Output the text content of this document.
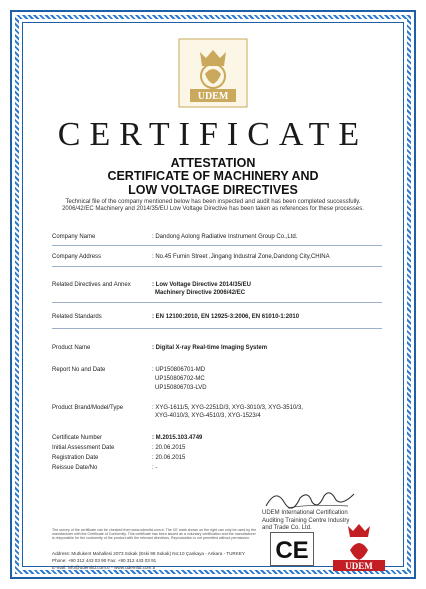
UDEM
CERTIFICATE
ATTESTATION
CERTIFICATE OF MACHINERY AND
LOW VOLTAGE DIRECTIVES
Technical file of the company mentioned below has been inspected and audit has been completed successfully. 2006/42/EC Machinery and 2014/35/EU Low Voltage Directive has been taken as references for these processes.
Company Name	: Dandong Aolong Radiative Instrument Group Co.,Ltd.
Company Address	: No.45 Fumin Street ,Jingang Industral Zone,Dandong City,CHINA
Related Directives and Annex	: Low Voltage Directive 2014/35/EU
Machinery Directive 2006/42/EC
Related Standards	: EN 12100:2010, EN 12925-3:2006, EN 61010-1:2010
Product Name	: Digital X-ray Real-time Imaging System
Report No and Date	: UP150806701-MD
UP150806702-MC
UP150806703-LVD
Product Brand/Model/Type	: XYG-1611/5, XYG-2251D/3, XYG-3010/3, XYG-3510/3,
XYG-4010/3, XYG-4510/3, XYG-1523/4
Certificate Number	: M.2015.103.4749
Initial Assessment Date	: 20.06.2015
Registration Date	: 20.06.2015
Reissue Date/No	: -
UDEM International Certification
Auditing Training Centre Industry
and Trade Co. Ltd.
The survey of the certificate can be checked from www.udemltd.com.tr. The CE mark shown on the right can only be used by the manufacturer with the Certificate of Conformity. This certificate has been issued as a voluntary certification and the manufacturer is responsible for the conformity of the product with the relevant directives. Reproduction is not permitted without permission.
Address: Mutlukent Mahallesi 2073 Sokak (Eski 98 Sokak) No:10 Çankaya - Ankara - TURKEY
Phone: +90 312 443 03 90 Fax: +90 312 443 03 91
E-mail: info@udemltd.com.tr - www.udemltd.com.tr
CE
UDEM
